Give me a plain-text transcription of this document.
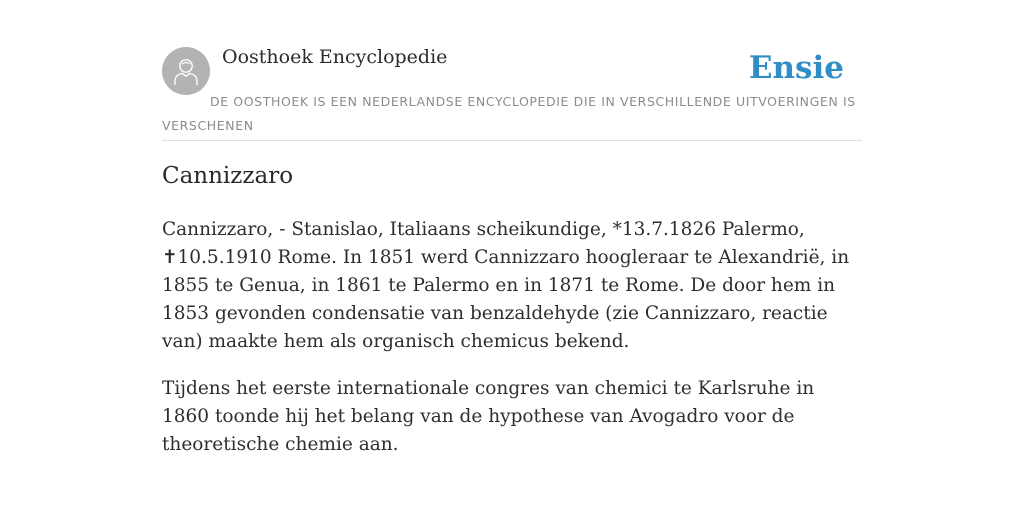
Oosthoek Encyclopedie	Ensie
DE OOSTHOEK IS EEN NEDERLANDSE ENCYCLOPEDIE DIE IN VERSCHILLENDE UITVOERINGEN IS VERSCHENEN
Cannizzaro

Cannizzaro, - Stanislao, Italiaans scheikundige, *13.7.1826 Palermo, ✝10.5.1910 Rome. In 1851 werd Cannizzaro hoogleraar te Alexandrië, in 1855 te Genua, in 1861 te Palermo en in 1871 te Rome. De door hem in 1853 gevonden condensatie van benzaldehyde (zie Cannizzaro, reactie van) maakte hem als organisch chemicus bekend.

Tijdens het eerste internationale congres van chemici te Karlsruhe in 1860 toonde hij het belang van de hypothese van Avogadro voor de theoretische chemie aan.
